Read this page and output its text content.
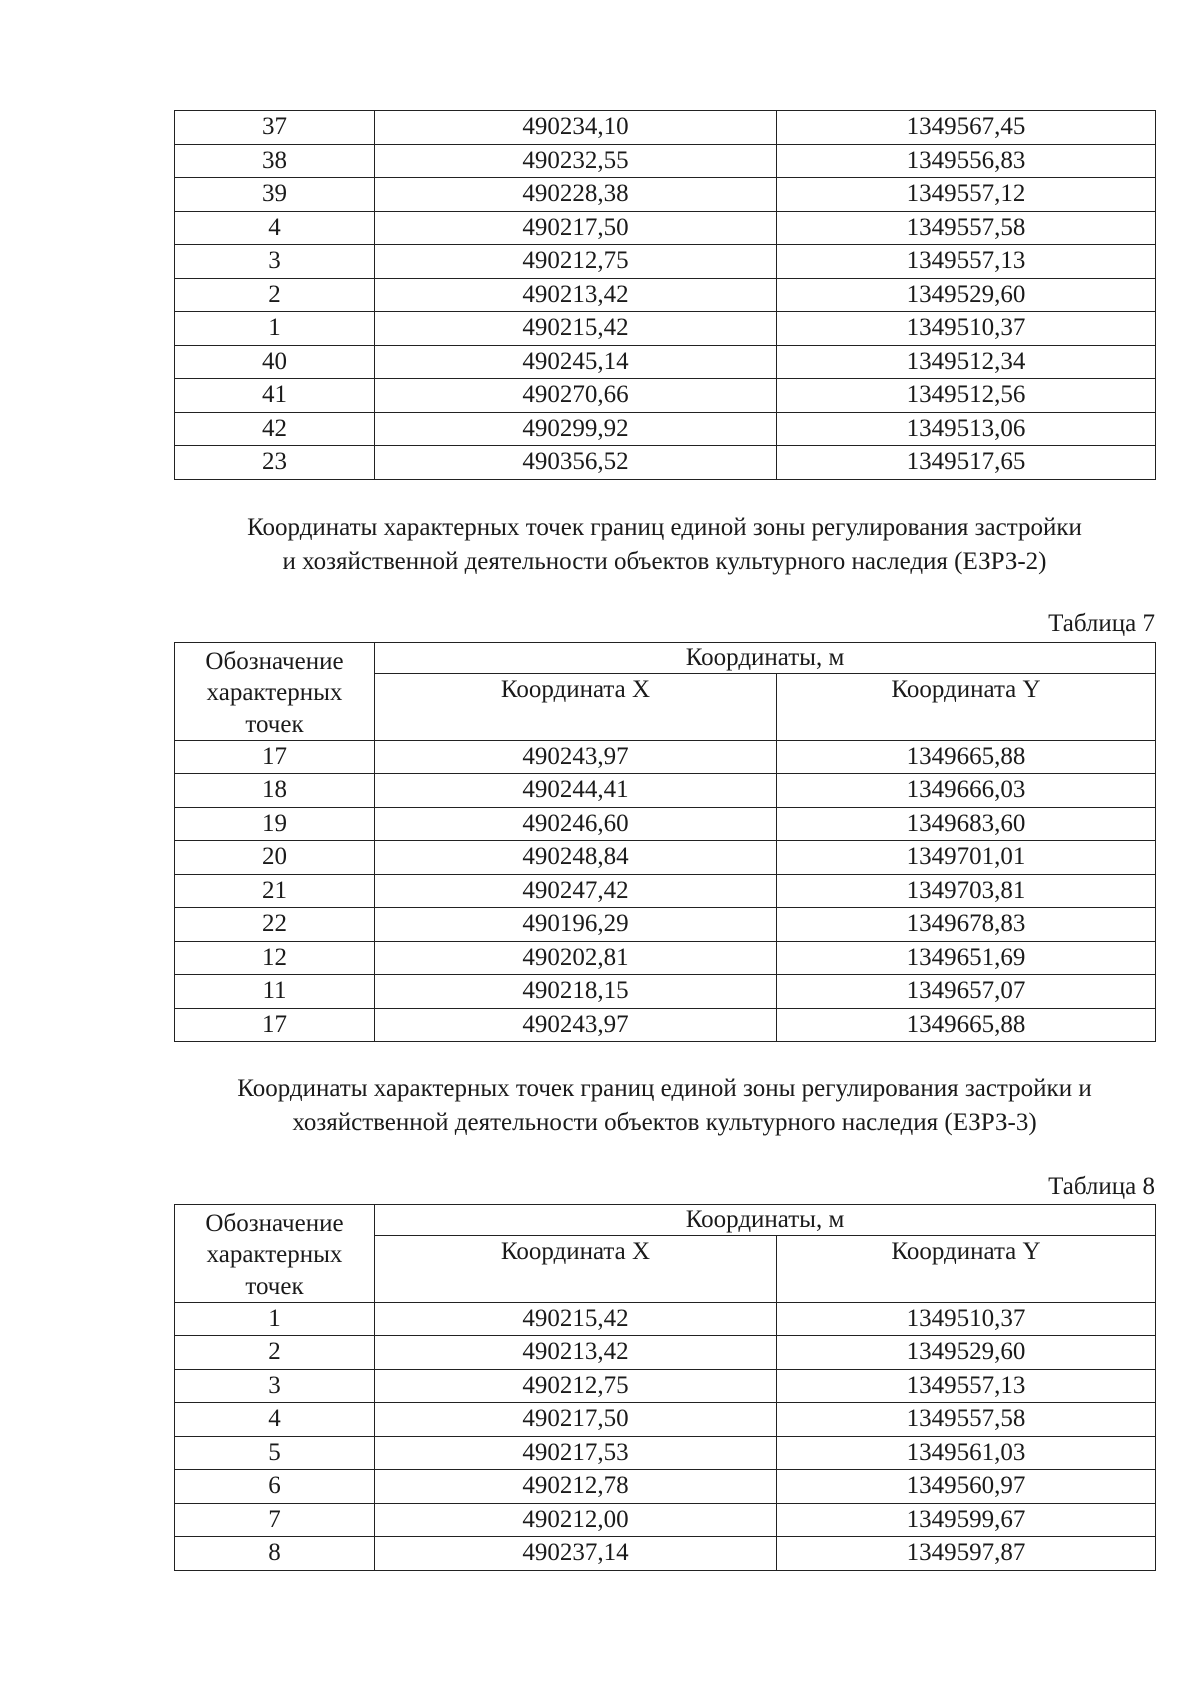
37	490234,10	1349567,45
38	490232,55	1349556,83
39	490228,38	1349557,12
4	490217,50	1349557,58
3	490212,75	1349557,13
2	490213,42	1349529,60
1	490215,42	1349510,37
40	490245,14	1349512,34
41	490270,66	1349512,56
42	490299,92	1349513,06
23	490356,52	1349517,65
Координаты характерных точек границ единой зоны регулирования застройки
и хозяйственной деятельности объектов культурного наследия (ЕЗРЗ-2)
Таблица 7
Обозначение характерных точек	Координаты, м	
	Координата X	Координата Y
17	490243,97	1349665,88
18	490244,41	1349666,03
19	490246,60	1349683,60
20	490248,84	1349701,01
21	490247,42	1349703,81
22	490196,29	1349678,83
12	490202,81	1349651,69
11	490218,15	1349657,07
17	490243,97	1349665,88
Координаты характерных точек границ единой зоны регулирования застройки и
хозяйственной деятельности объектов культурного наследия (ЕЗРЗ-3)
Таблица 8
Обозначение характерных точек	Координаты, м	
	Координата X	Координата Y
1	490215,42	1349510,37
2	490213,42	1349529,60
3	490212,75	1349557,13
4	490217,50	1349557,58
5	490217,53	1349561,03
6	490212,78	1349560,97
7	490212,00	1349599,67
8	490237,14	1349597,87
